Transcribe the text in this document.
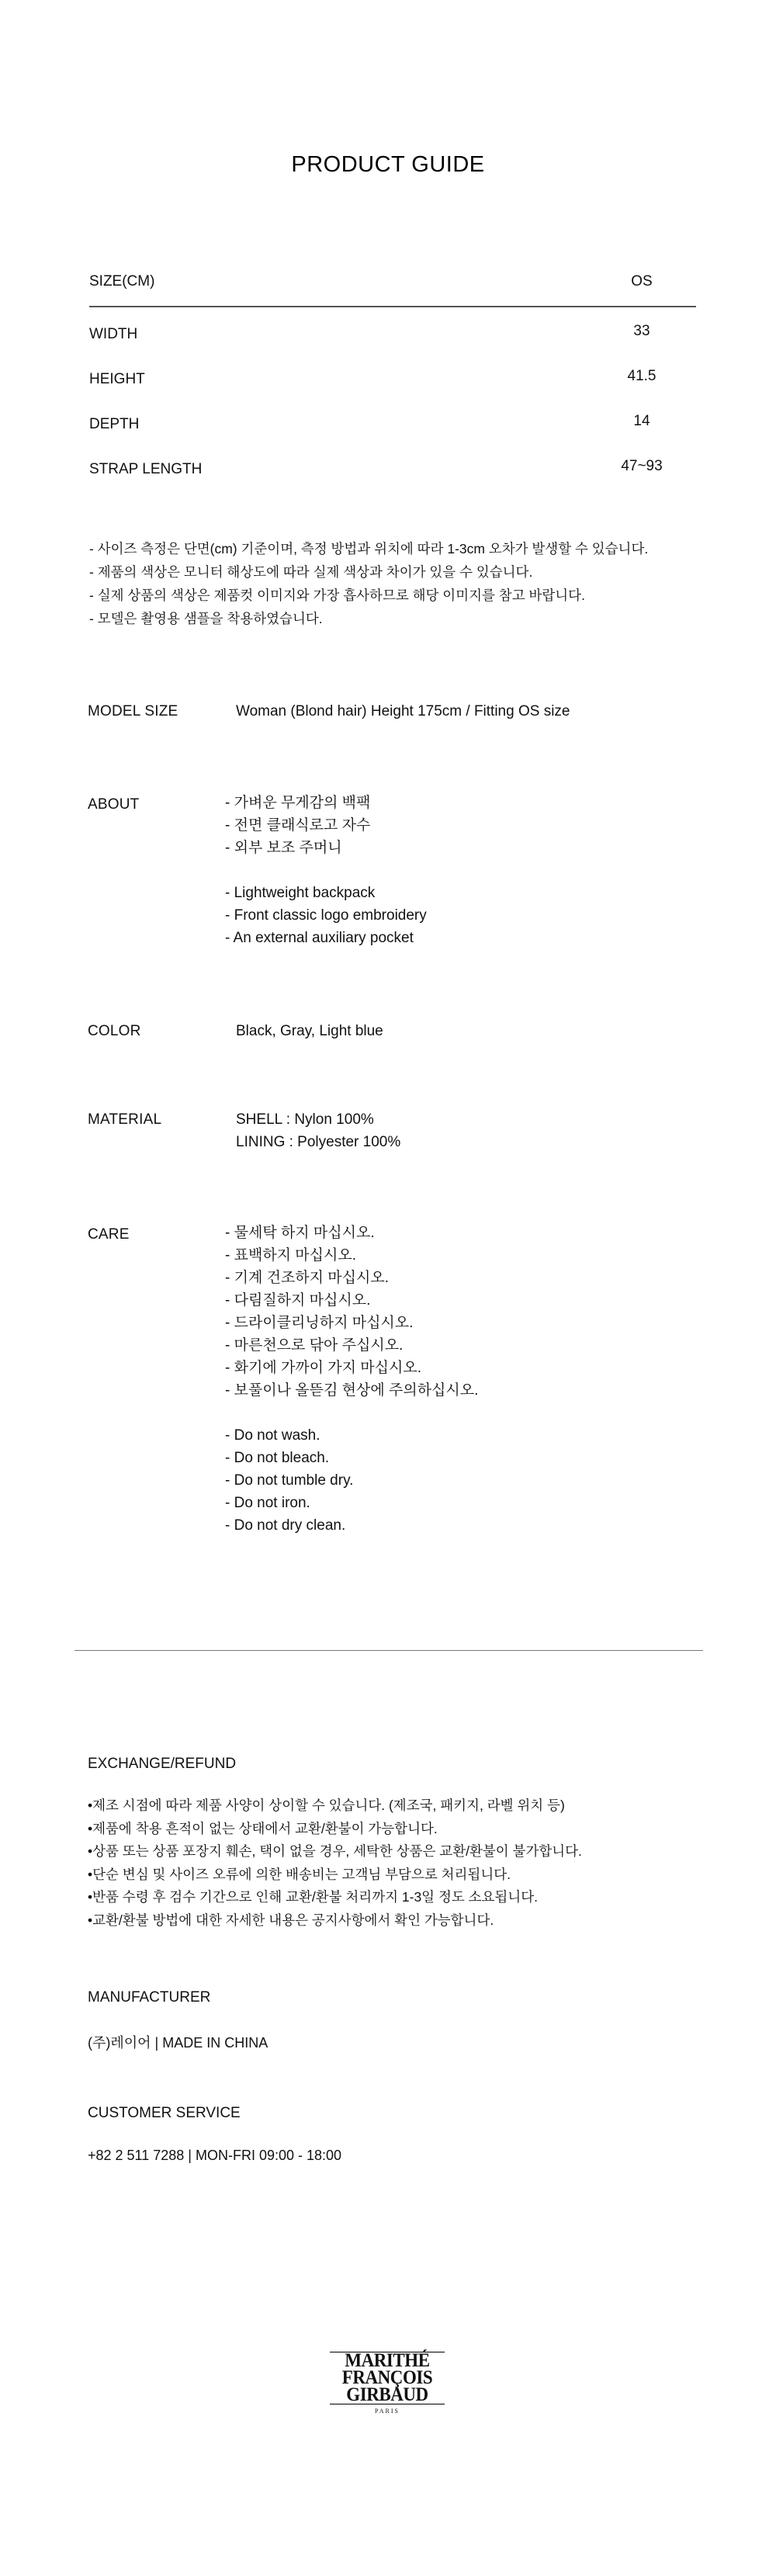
PRODUCT GUIDE
SIZE(CM)	OS
WIDTH	33
HEIGHT	41.5
DEPTH	14
STRAP LENGTH	47~93
- 사이즈 측정은 단면(cm) 기준이며, 측정 방법과 위치에 따라 1-3cm 오차가 발생할 수 있습니다.
- 제품의 색상은 모니터 해상도에 따라 실제 색상과 차이가 있을 수 있습니다.
- 실제 상품의 색상은 제품컷 이미지와 가장 흡사하므로 해당 이미지를 참고 바랍니다.
- 모델은 촬영용 샘플을 착용하였습니다.
MODEL SIZE	Woman (Blond hair) Height 175cm / Fitting OS size
ABOUT	- 가벼운 무게감의 백팩
- 전면 클래식로고 자수
- 외부 보조 주머니
- Lightweight backpack
- Front classic logo embroidery
- An external auxiliary pocket
COLOR	Black, Gray, Light blue
MATERIAL	SHELL : Nylon 100%
LINING : Polyester 100%
CARE	- 물세탁 하지 마십시오.
- 표백하지 마십시오.
- 기계 건조하지 마십시오.
- 다림질하지 마십시오.
- 드라이클리닝하지 마십시오.
- 마른천으로 닦아 주십시오.
- 화기에 가까이 가지 마십시오.
- 보풀이나 올뜯김 현상에 주의하십시오.
- Do not wash.
- Do not bleach.
- Do not tumble dry.
- Do not iron.
- Do not dry clean.
EXCHANGE/REFUND
•제조 시점에 따라 제품 사양이 상이할 수 있습니다. (제조국, 패키지, 라벨 위치 등)
•제품에 착용 흔적이 없는 상태에서 교환/환불이 가능합니다.
•상품 또는 상품 포장지 훼손, 택이 없을 경우, 세탁한 상품은 교환/환불이 불가합니다.
•단순 변심 및 사이즈 오류에 의한 배송비는 고객님 부담으로 처리됩니다.
•반품 수령 후 검수 기간으로 인해 교환/환불 처리까지 1-3일 정도 소요됩니다.
•교환/환불 방법에 대한 자세한 내용은 공지사항에서 확인 가능합니다.
MANUFACTURER
(주)레이어 | MADE IN CHINA
CUSTOMER SERVICE
+82 2 511 7288 | MON-FRI 09:00 - 18:00
MARITHÉ
FRANÇOIS
GIRBAUD
PARIS
